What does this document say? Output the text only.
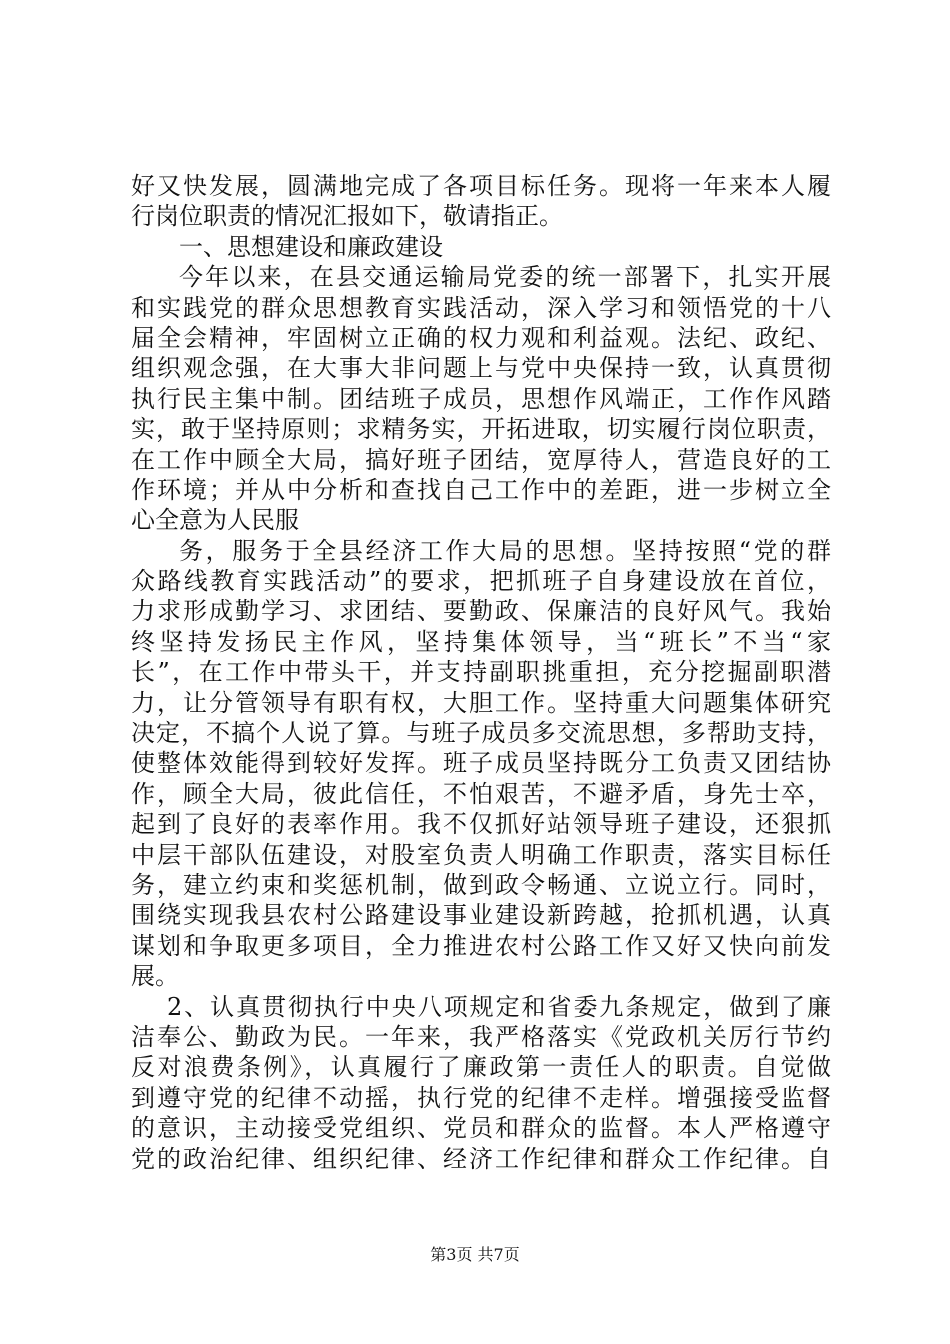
好又快发展，圆满地完成了各项目标任务。现将一年来本人履
行岗位职责的情况汇报如下，敬请指正。
一、思想建设和廉政建设
今年以来，在县交通运输局党委的统一部署下，扎实开展
和实践党的群众思想教育实践活动，深入学习和领悟党的十八
届全会精神，牢固树立正确的权力观和利益观。法纪、政纪、
组织观念强，在大事大非问题上与党中央保持一致，认真贯彻
执行民主集中制。团结班子成员，思想作风端正，工作作风踏
实，敢于坚持原则；求精务实，开拓进取，切实履行岗位职责，
在工作中顾全大局，搞好班子团结，宽厚待人，营造良好的工
作环境；并从中分析和查找自己工作中的差距，进一步树立全
心全意为人民服
务，服务于全县经济工作大局的思想。坚持按照“党的群
众路线教育实践活动”的要求，把抓班子自身建设放在首位，
力求形成勤学习、求团结、要勤政、保廉洁的良好风气。我始
终坚持发扬民主作风，坚持集体领导，当“班长”不当“家
长”，在工作中带头干，并支持副职挑重担，充分挖掘副职潜
力，让分管领导有职有权，大胆工作。坚持重大问题集体研究
决定，不搞个人说了算。与班子成员多交流思想，多帮助支持，
使整体效能得到较好发挥。班子成员坚持既分工负责又团结协
作，顾全大局，彼此信任，不怕艰苦，不避矛盾，身先士卒，
起到了良好的表率作用。我不仅抓好站领导班子建设，还狠抓
中层干部队伍建设，对股室负责人明确工作职责，落实目标任
务，建立约束和奖惩机制，做到政令畅通、立说立行。同时，
围绕实现我县农村公路建设事业建设新跨越，抢抓机遇，认真
谋划和争取更多项目，全力推进农村公路工作又好又快向前发
展。
2、认真贯彻执行中央八项规定和省委九条规定，做到了廉
洁奉公、勤政为民。一年来，我严格落实《党政机关厉行节约
反对浪费条例》，认真履行了廉政第一责任人的职责。自觉做
到遵守党的纪律不动摇，执行党的纪律不走样。增强接受监督
的意识，主动接受党组织、党员和群众的监督。本人严格遵守
党的政治纪律、组织纪律、经济工作纪律和群众工作纪律。自
第3页 共7页
